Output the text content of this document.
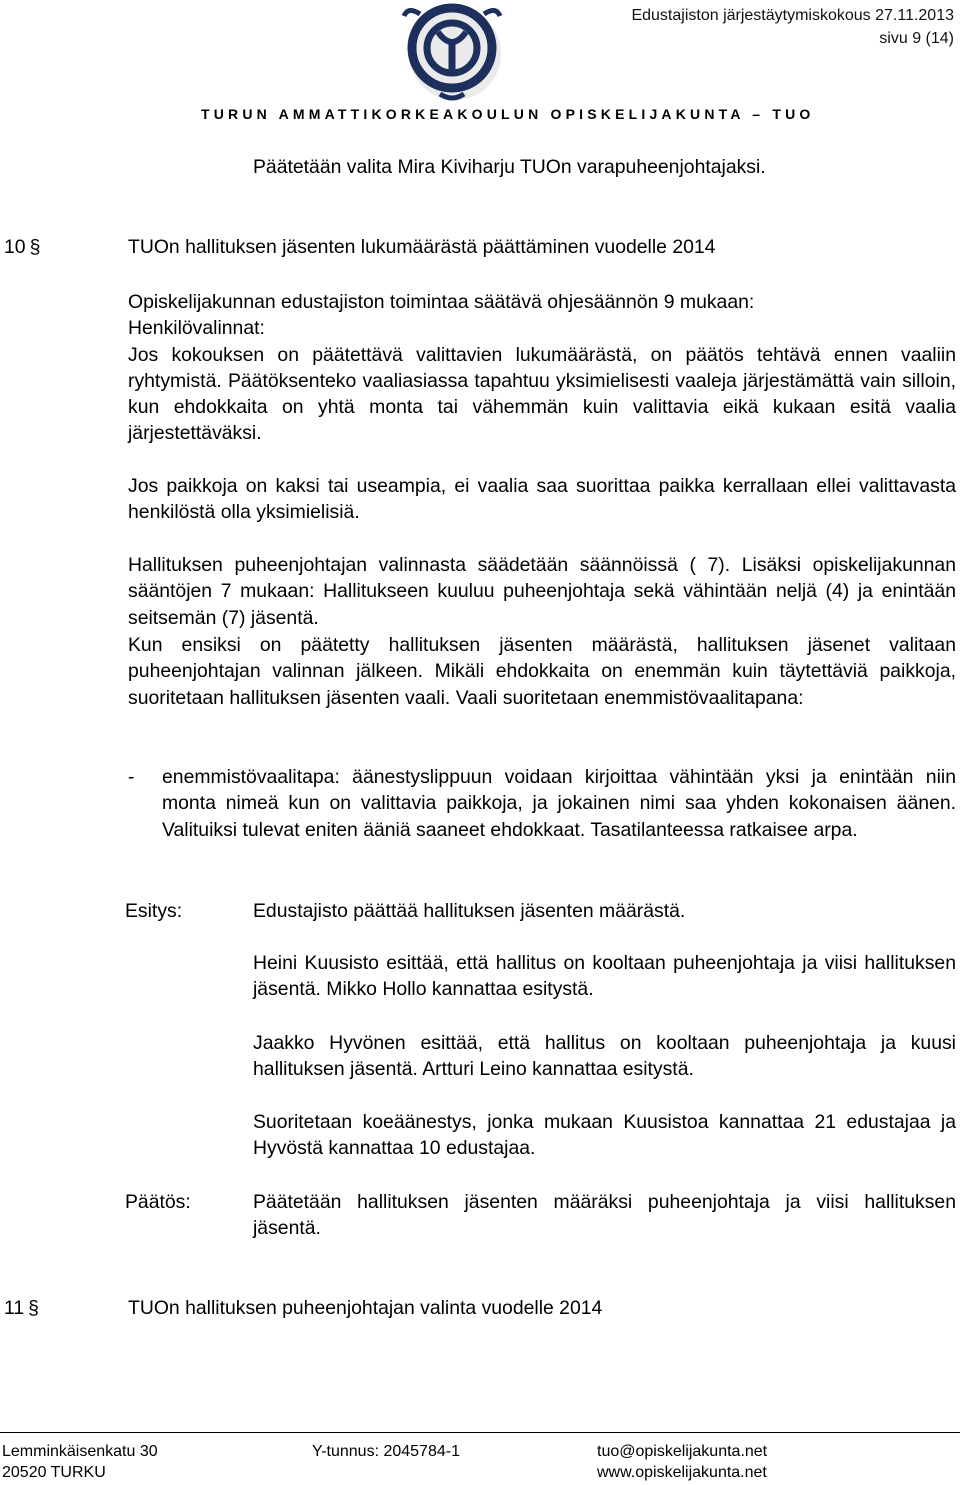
Edustajiston järjestäytymiskokous 27.11.2013
sivu 9 (14)
TURUN AMMATTIKORKEAKOULUN OPISKELIJAKUNTA – TUO
Päätetään valita Mira Kiviharju TUOn varapuheenjohtajaksi.
10 §	TUOn hallituksen jäsenten lukumäärästä päättäminen vuodelle 2014
Opiskelijakunnan edustajiston toimintaa säätävä ohjesäännön 9 mukaan:
Henkilövalinnat:
Jos kokouksen on päätettävä valittavien lukumäärästä, on päätös tehtävä ennen vaaliin ryhtymistä. Päätöksenteko vaaliasiassa tapahtuu yksimielisesti vaaleja järjestämättä vain silloin, kun ehdokkaita on yhtä monta tai vähemmän kuin valittavia eikä kukaan esitä vaalia järjestettäväksi.
Jos paikkoja on kaksi tai useampia, ei vaalia saa suorittaa paikka kerrallaan ellei valittavasta henkilöstä olla yksimielisiä.
Hallituksen puheenjohtajan valinnasta säädetään säännöissä ( 7). Lisäksi opiskelijakunnan sääntöjen 7 mukaan: Hallitukseen kuuluu puheenjohtaja sekä vähintään neljä (4) ja enintään seitsemän (7) jäsentä.
Kun ensiksi on päätetty hallituksen jäsenten määrästä, hallituksen jäsenet valitaan puheenjohtajan valinnan jälkeen. Mikäli ehdokkaita on enemmän kuin täytettäviä paikkoja, suoritetaan hallituksen jäsenten vaali. Vaali suoritetaan enemmistövaalitapana:
- enemmistövaalitapa: äänestyslippuun voidaan kirjoittaa vähintään yksi ja enintään niin monta nimeä kun on valittavia paikkoja, ja jokainen nimi saa yhden kokonaisen äänen. Valituiksi tulevat eniten ääniä saaneet ehdokkaat. Tasatilanteessa ratkaisee arpa.
Esitys:	Edustajisto päättää hallituksen jäsenten määrästä.
Heini Kuusisto esittää, että hallitus on kooltaan puheenjohtaja ja viisi hallituksen jäsentä. Mikko Hollo kannattaa esitystä.
Jaakko Hyvönen esittää, että hallitus on kooltaan puheenjohtaja ja kuusi hallituksen jäsentä. Artturi Leino kannattaa esitystä.
Suoritetaan koeäänestys, jonka mukaan Kuusistoa kannattaa 21 edustajaa ja Hyvöstä kannattaa 10 edustajaa.
Päätös:	Päätetään hallituksen jäsenten määräksi puheenjohtaja ja viisi hallituksen jäsentä.
11 §	TUOn hallituksen puheenjohtajan valinta vuodelle 2014
Lemminkäisenkatu 30
20520 TURKU
Y-tunnus: 2045784-1	tuo@opiskelijakunta.net
www.opiskelijakunta.net
